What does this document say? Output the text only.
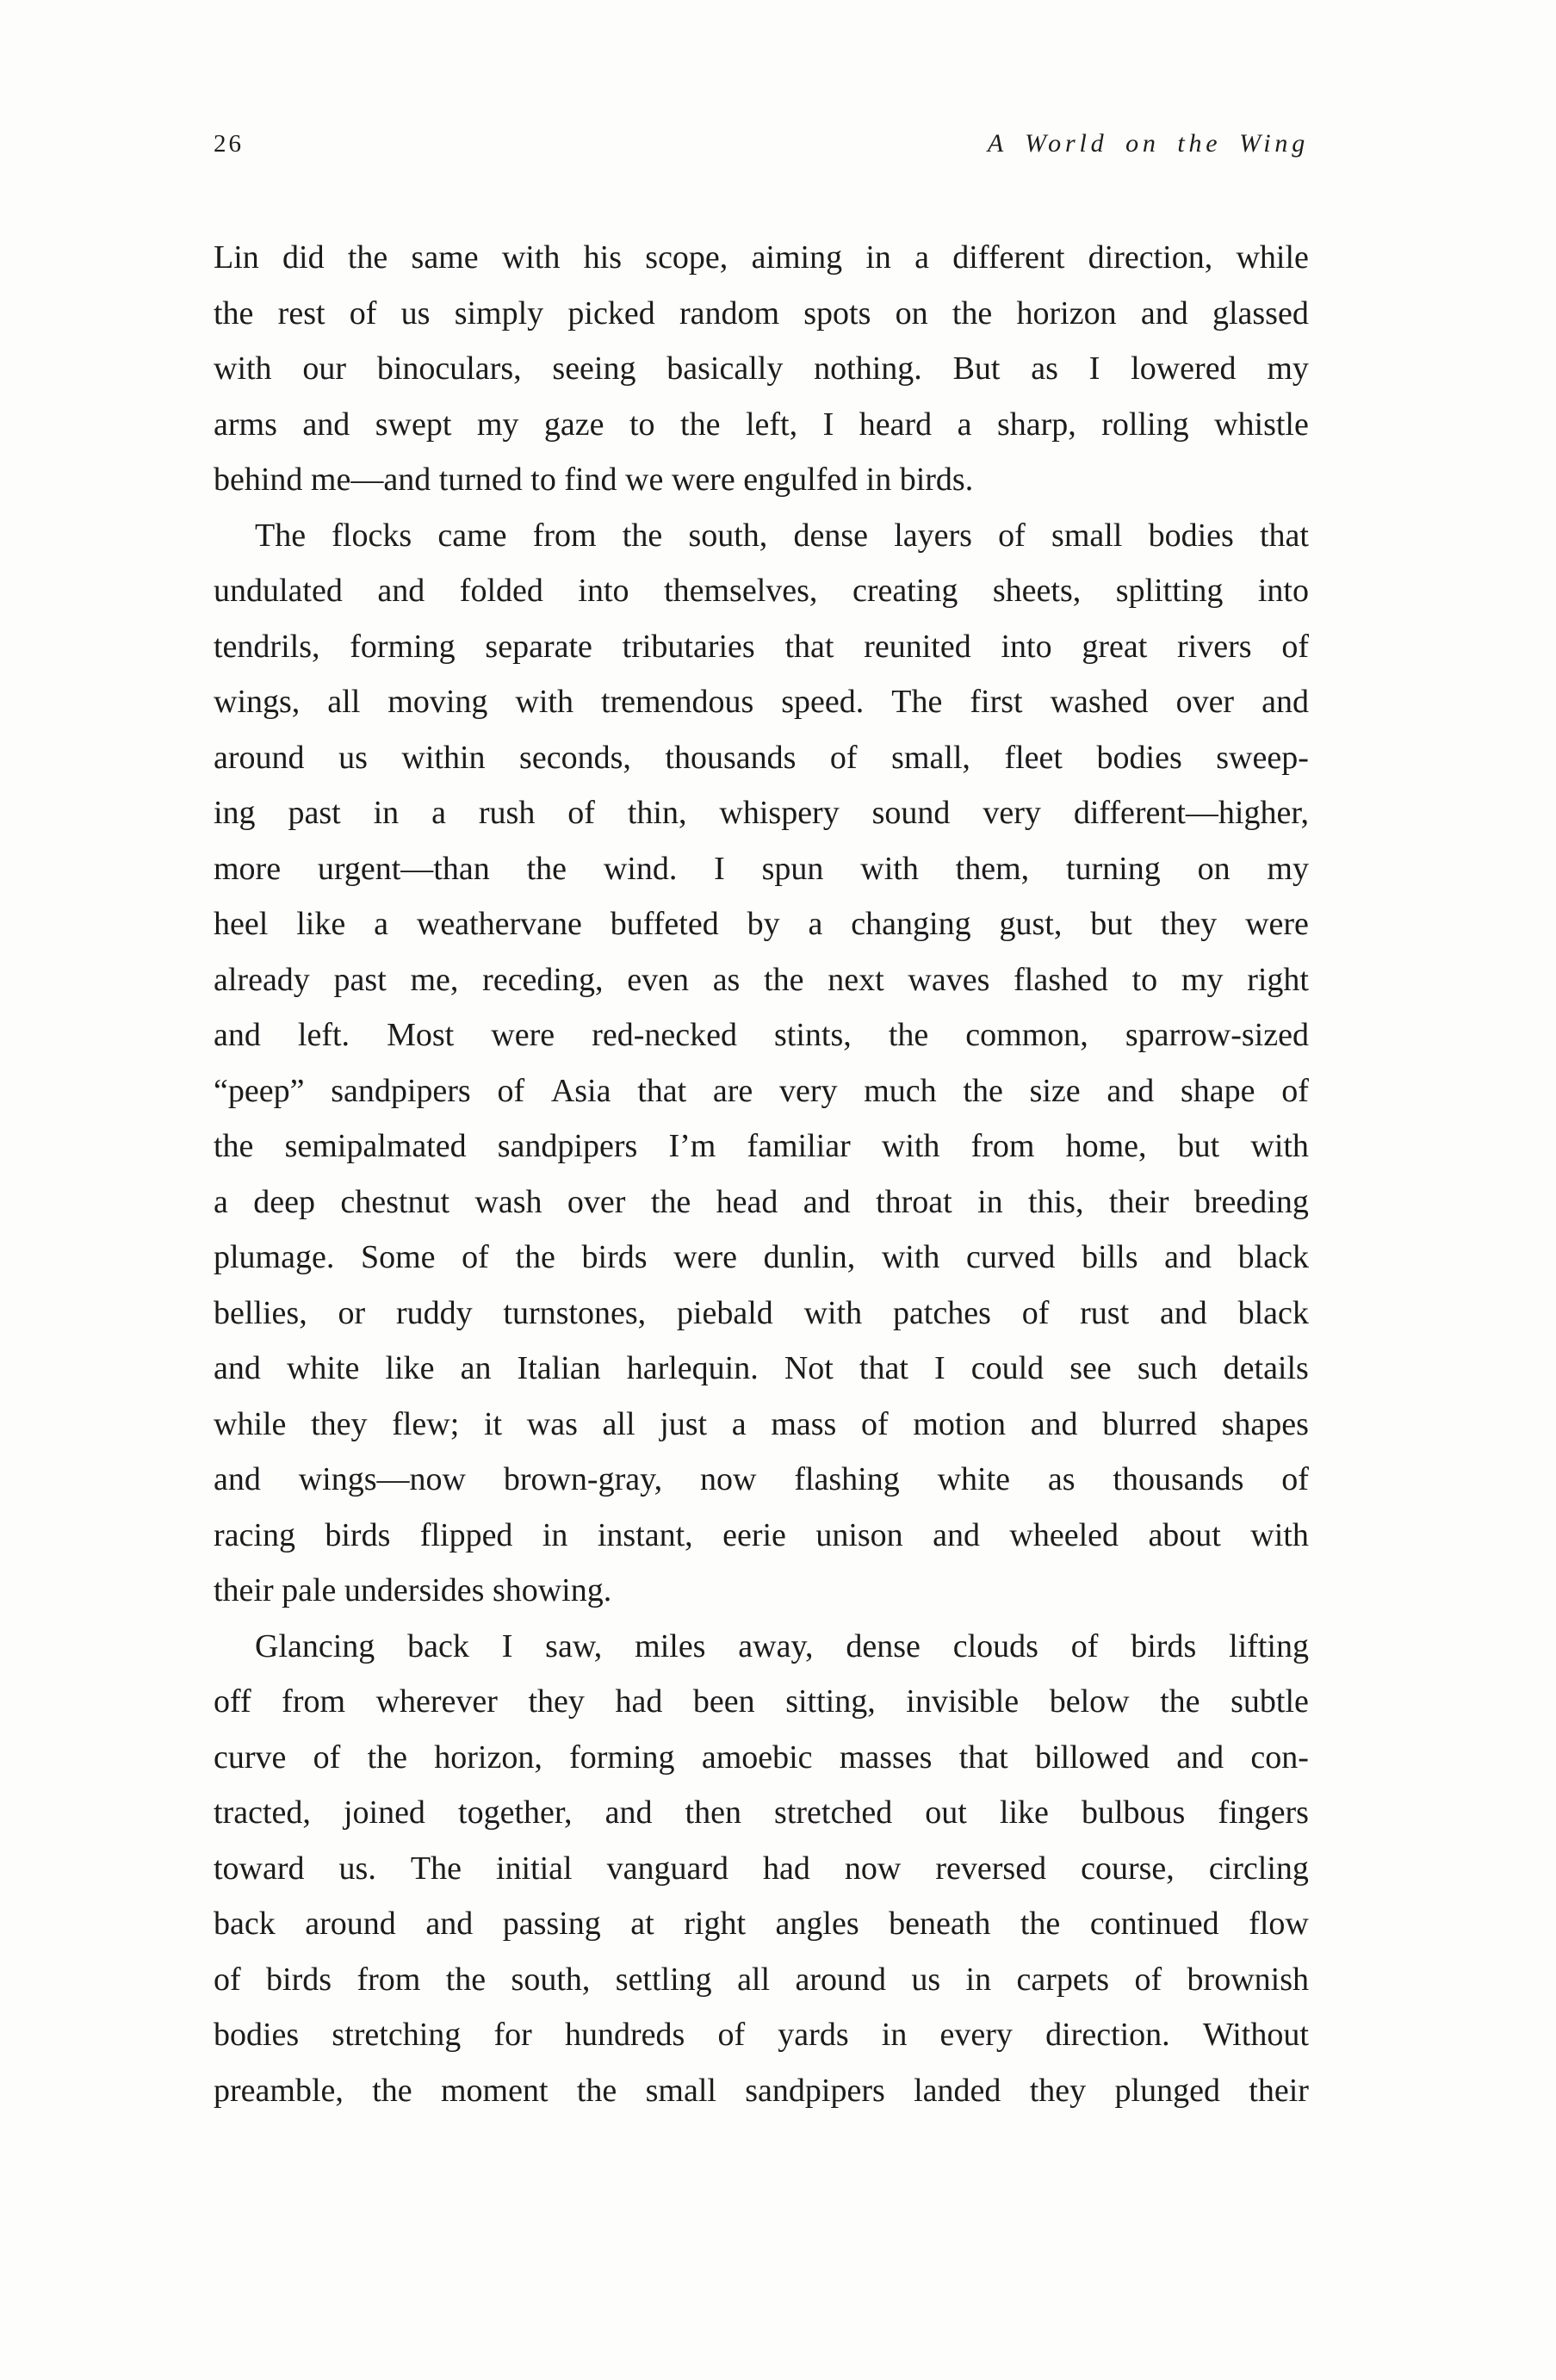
26	A World on the Wing
Lin did the same with his scope, aiming in a different direction, while
the rest of us simply picked random spots on the horizon and glassed
with our binoculars, seeing basically nothing. But as I lowered my
arms and swept my gaze to the left, I heard a sharp, rolling whistle
behind me—and turned to find we were engulfed in birds.
The flocks came from the south, dense layers of small bodies that
undulated and folded into themselves, creating sheets, splitting into
tendrils, forming separate tributaries that reunited into great rivers of
wings, all moving with tremendous speed. The first washed over and
around us within seconds, thousands of small, fleet bodies sweep-
ing past in a rush of thin, whispery sound very different—higher,
more urgent—than the wind. I spun with them, turning on my
heel like a weathervane buffeted by a changing gust, but they were
already past me, receding, even as the next waves flashed to my right
and left. Most were red-necked stints, the common, sparrow-sized
“peep” sandpipers of Asia that are very much the size and shape of
the semipalmated sandpipers I’m familiar with from home, but with
a deep chestnut wash over the head and throat in this, their breeding
plumage. Some of the birds were dunlin, with curved bills and black
bellies, or ruddy turnstones, piebald with patches of rust and black
and white like an Italian harlequin. Not that I could see such details
while they flew; it was all just a mass of motion and blurred shapes
and wings—now brown-gray, now flashing white as thousands of
racing birds flipped in instant, eerie unison and wheeled about with
their pale undersides showing.
Glancing back I saw, miles away, dense clouds of birds lifting
off from wherever they had been sitting, invisible below the subtle
curve of the horizon, forming amoebic masses that billowed and con-
tracted, joined together, and then stretched out like bulbous fingers
toward us. The initial vanguard had now reversed course, circling
back around and passing at right angles beneath the continued flow
of birds from the south, settling all around us in carpets of brownish
bodies stretching for hundreds of yards in every direction. Without
preamble, the moment the small sandpipers landed they plunged their
